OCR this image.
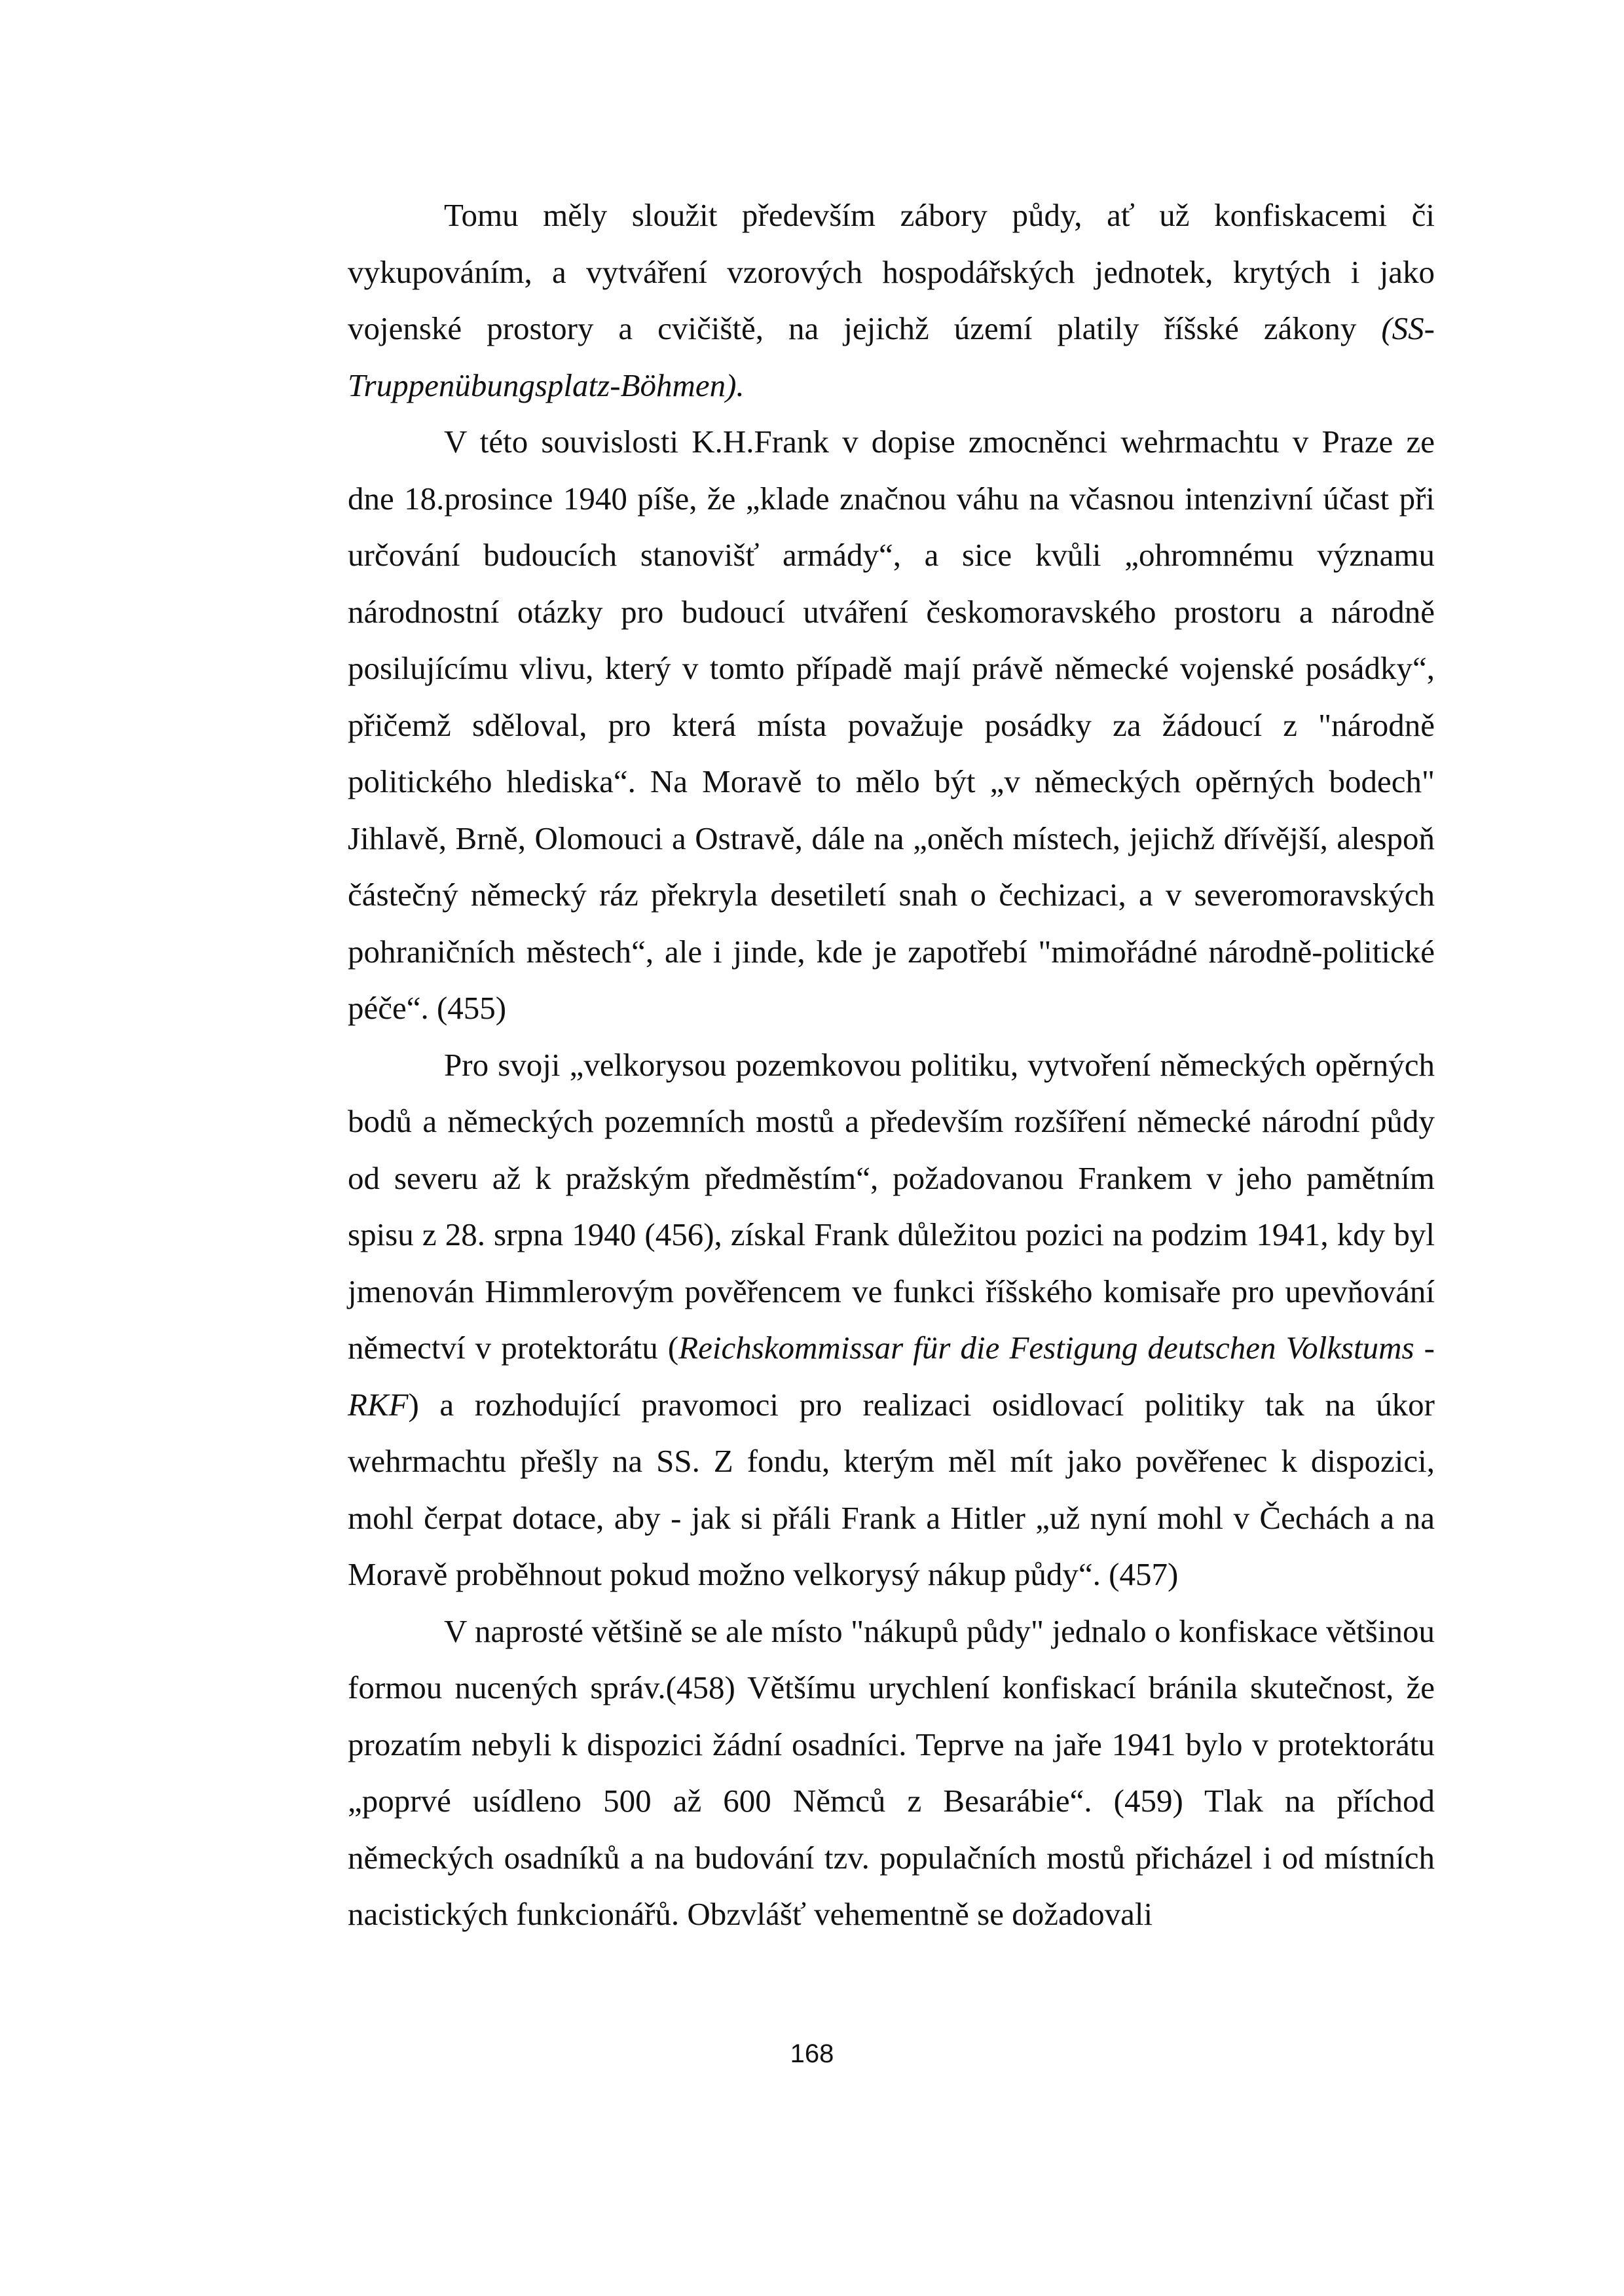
Tomu měly sloužit především zábory půdy, ať už konfiskacemi či vykupováním, a vytváření vzorových hospodářských jednotek, krytých i jako vojenské prostory a cvičiště, na jejichž území platily říšské zákony (SS-Truppenübungsplatz-Böhmen).

V této souvislosti K.H.Frank v dopise zmocněnci wehrmachtu v Praze ze dne 18.prosince 1940 píše, že „klade značnou váhu na včasnou intenzivní účast při určování budoucích stanovišť armády“, a sice kvůli „ohromnému významu národnostní otázky pro budoucí utváření českomoravského prostoru a národně posilujícímu vlivu, který v tomto případě mají právě německé vojenské posádky“, přičemž sděloval, pro která místa považuje posádky za žádoucí z "národně politického hlediska“. Na Moravě to mělo být „v německých opěrných bodech" Jihlavě, Brně, Olomouci a Ostravě, dále na „oněch místech, jejichž dřívější, alespoň částečný německý ráz překryla desetiletí snah o čechizaci, a v severomoravských pohraničních městech“, ale i jinde, kde je zapotřebí "mimořádné národně-politické péče“. (455)

Pro svoji „velkorysou pozemkovou politiku, vytvoření německých opěrných bodů a německých pozemních mostů a především rozšíření německé národní půdy od severu až k pražským předměstím“, požadovanou Frankem v jeho pamětním spisu z 28. srpna 1940 (456), získal Frank důležitou pozici na podzim 1941, kdy byl jmenován Himmlerovým pověřencem ve funkci říšského komisaře pro upevňování němectví v protektorátu (Reichskommissar für die Festigung deutschen Volkstums - RKF) a rozhodující pravomoci pro realizaci osidlovací politiky tak na úkor wehrmachtu přešly na SS. Z fondu, kterým měl mít jako pověřenec k dispozici, mohl čerpat dotace, aby - jak si přáli Frank a Hitler „už nyní mohl v Čechách a na Moravě proběhnout pokud možno velkorysý nákup půdy“. (457)

V naprosté většině se ale místo "nákupů půdy" jednalo o konfiskace většinou formou nucených správ.(458) Většímu urychlení konfiskací bránila skutečnost, že prozatím nebyli k dispozici žádní osadníci. Teprve na jaře 1941 bylo v protektorátu „poprvé usídleno 500 až 600 Němců z Besarábie“. (459) Tlak na příchod německých osadníků a na budování tzv. populačních mostů přicházel i od místních nacistických funkcionářů. Obzvlášť vehementně se dožadovali

168
